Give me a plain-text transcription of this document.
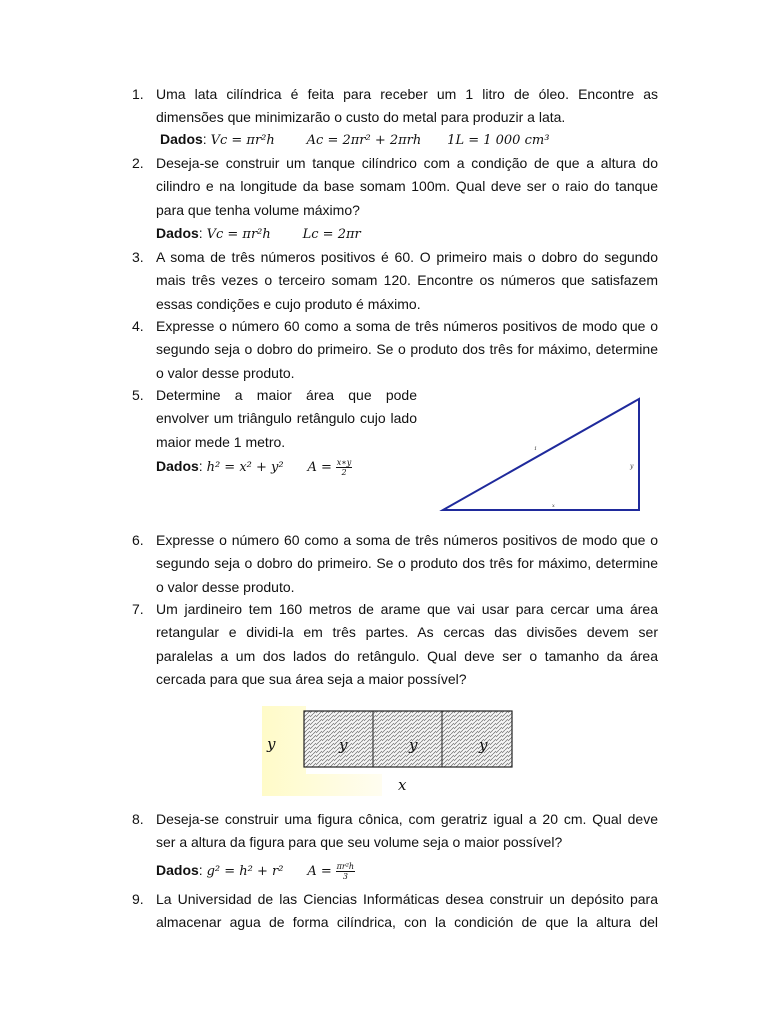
1. Uma lata cilíndrica é feita para receber um 1 litro de óleo. Encontre as
dimensões que minimizarão o custo do metal para produzir a lata.
Dados: Vc = πr²h Ac = 2πr² + 2πrh 1L = 1 000 cm³
2. Deseja-se construir um tanque cilíndrico com a condição de que a altura do
cilindro e na longitude da base somam 100m. Qual deve ser o raio do tanque
para que tenha volume máximo?
Dados: Vc = πr²h Lc = 2πr
3. A soma de três números positivos é 60. O primeiro mais o dobro do segundo
mais três vezes o terceiro somam 120. Encontre os números que satisfazem
essas condições e cujo produto é máximo.
4. Expresse o número 60 como a soma de três números positivos de modo que o
segundo seja o dobro do primeiro. Se o produto dos três for máximo, determine
o valor desse produto.
5. Determine a maior área que pode
envolver um triângulo retângulo cujo lado
maior mede 1 metro.
Dados: h² = x² + y² $A = \frac{x∗y}{2}$
1
y
x
6. Expresse o número 60 como a soma de três números positivos de modo que o
segundo seja o dobro do primeiro. Se o produto dos três for máximo, determine
o valor desse produto.
7. Um jardineiro tem 160 metros de arame que vai usar para cercar uma área
retangular e dividi-la em três partes. As cercas das divisões devem ser
paralelas a um dos lados do retângulo. Qual deve ser o tamanho da área
cercada para que sua área seja a maior possível?
y	y	y	y
x
8. Deseja-se construir uma figura cônica, com geratriz igual a 20 cm. Qual deve
ser a altura da figura para que seu volume seja o maior possível?
Dados: g² = h² + r² $A = \frac{\text{πr²h}}{3}$
9. La Universidad de las Ciencias Informáticas desea construir un depósito para
almacenar agua de forma cilíndrica, con la condición de que la altura del
